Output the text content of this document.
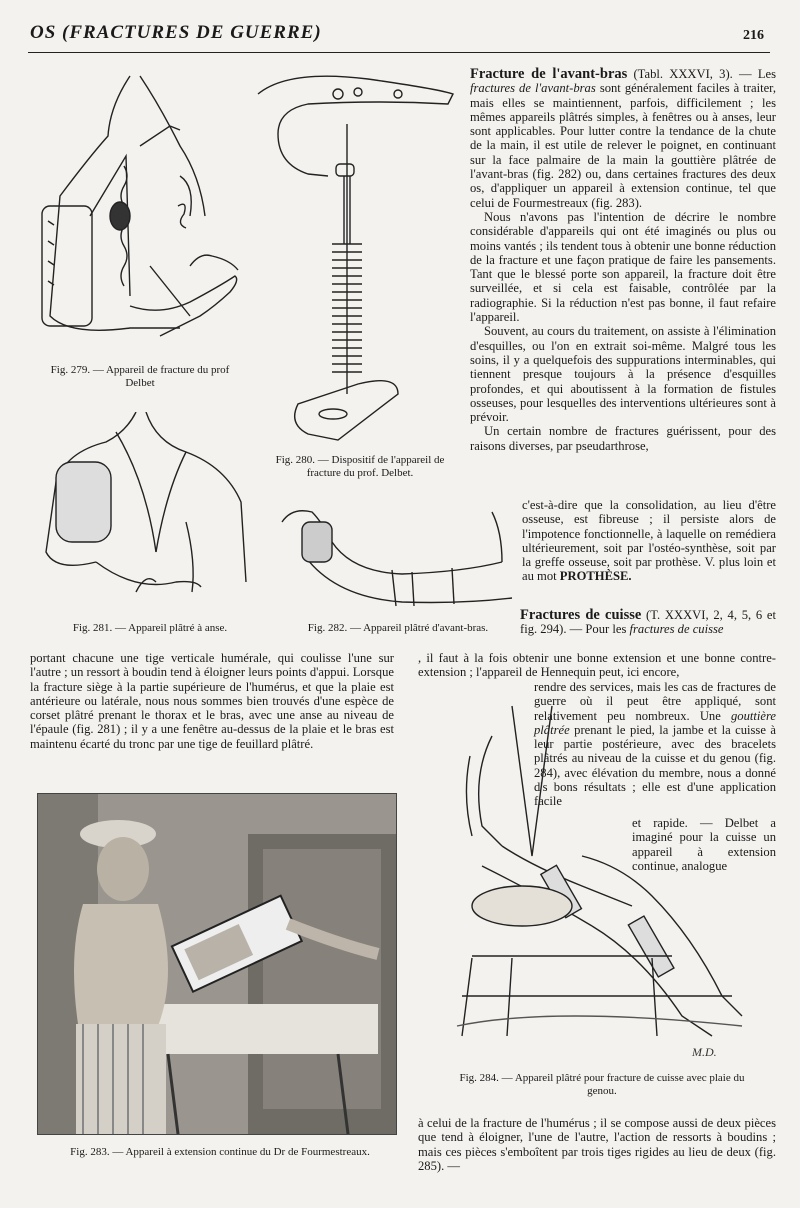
OS (FRACTURES DE GUERRE)	216
Fig. 279. — Appareil de fracture du prof Delbet
Fig. 280. — Dispositif de l'appareil de fracture du prof. Delbet.
Fig. 281. — Appareil plâtré à anse.	Fig. 282. — Appareil plâtré d'avant-bras.

Fracture de l'avant-bras (Tabl. XXXVI, 3). — Les fractures de l'avant-bras sont généralement faciles à traiter, mais elles se maintiennent, parfois, difficilement ; les mêmes appareils plâtrés simples, à fenêtres ou à anses, leur sont applicables. Pour lutter contre la tendance de la chute de la main, il est utile de relever le poignet, en continuant sur la face palmaire de la main la gouttière plâtrée de l'avant-bras (fig. 282) ou, dans certaines fractures des deux os, d'appliquer un appareil à extension continue, tel que celui de Fourmestreaux (fig. 283).

Nous n'avons pas l'intention de décrire le nombre considérable d'appareils qui ont été imaginés ou plus ou moins vantés ; ils tendent tous à obtenir une bonne réduction de la fracture et une façon pratique de faire les pansements. Tant que le blessé porte son appareil, la fracture doit être surveillée, et si cela est faisable, contrôlée par la radiographie. Si la réduction n'est pas bonne, il faut refaire l'appareil.

Souvent, au cours du traitement, on assiste à l'élimination d'esquilles, ou l'on en extrait soi-même. Malgré tous les soins, il y a quelquefois des suppurations interminables, qui tiennent presque toujours à la présence d'esquilles profondes, et qui aboutissent à la formation de fistules osseuses, pour lesquelles des interventions ultérieures sont à prévoir.

Un certain nombre de fractures guérissent, pour des raisons diverses, par pseudarthrose,

c'est-à-dire que la consolidation, au lieu d'être osseuse, est fibreuse ; il persiste alors de l'impotence fonctionnelle, à laquelle on remédiera ultérieurement, soit par l'ostéo-synthèse, soit par la greffe osseuse, soit par prothèse. V. plus loin et au mot PROTHÈSE.

Fractures de cuisse (T. XXXVI, 2, 4, 5, 6 et fig. 294). — Pour les fractures de cuisse

, il faut à la fois obtenir une bonne extension et une bonne contre-extension ; l'appareil de Hennequin peut, ici encore,

rendre des services, mais les cas de fractures de guerre où il peut être appliqué, sont relativement peu nombreux. Une gouttière plâtrée prenant le pied, la jambe et la cuisse à leur partie postérieure, avec des bracelets plâtrés au niveau de la cuisse et du genou (fig. 284), avec élévation du membre, nous a donné d's bons résultats ; elle est d'une application facile

et rapide. — Delbet a imaginé pour la cuisse un appareil à extension continue, analogue

portant chacune une tige verticale humérale, qui coulisse l'une sur l'autre ; un ressort à boudin tend à éloigner leurs points d'appui. Lorsque la fracture siège à la partie supérieure de l'humérus, et que la plaie est antérieure ou latérale, nous nous sommes bien trouvés d'une espèce de corset plâtré prenant le thorax et le bras, avec une anse au niveau de l'épaule (fig. 281) ; il y a une fenêtre au-dessus de la plaie et le bras est maintenu écarté du tronc par une tige de feuillard plâtré.

Fig. 283. — Appareil à extension continue du Dr de Fourmestreaux.
M.D.
Fig. 284. — Appareil plâtré pour fracture de cuisse avec plaie du genou.

à celui de la fracture de l'humérus ; il se compose aussi de deux pièces que tend à éloigner, l'une de l'autre, l'action de ressorts à boudins ; mais ces pièces s'emboîtent par trois tiges rigides au lieu de deux (fig. 285). —
